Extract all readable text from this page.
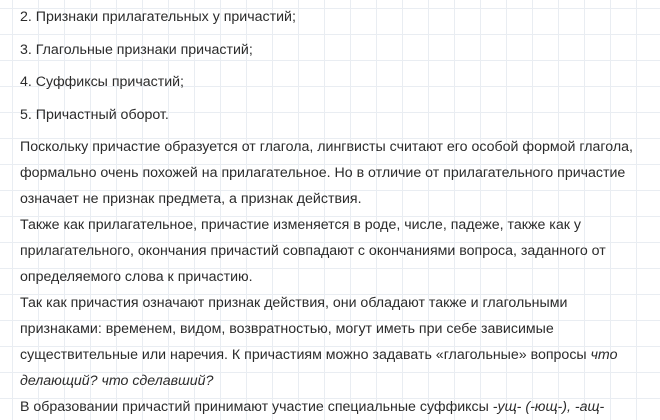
2. Признаки прилагательных у причастий;
3. Глагольные признаки причастий;
4. Суффиксы причастий;
5. Причастный оборот.
Поскольку причастие образуется от глагола, лингвисты считают его особой формой глагола,
формально очень похожей на прилагательное. Но в отличие от прилагательного причастие
означает не признак предмета, а признак действия.
Также как прилагательное, причастие изменяется в роде, числе, падеже, также как у
прилагательного, окончания причастий совпадают с окончаниями вопроса, заданного от
определяемого слова к причастию.
Так как причастия означают признак действия, они обладают также и глагольными
признаками: временем, видом, возвратностью, могут иметь при себе зависимые
существительные или наречия. К причастиям можно задавать «глагольные» вопросы что
делающий? что сделавший?
В образовании причастий принимают участие специальные суффиксы -ущ- (-ющ-), -ащ-
